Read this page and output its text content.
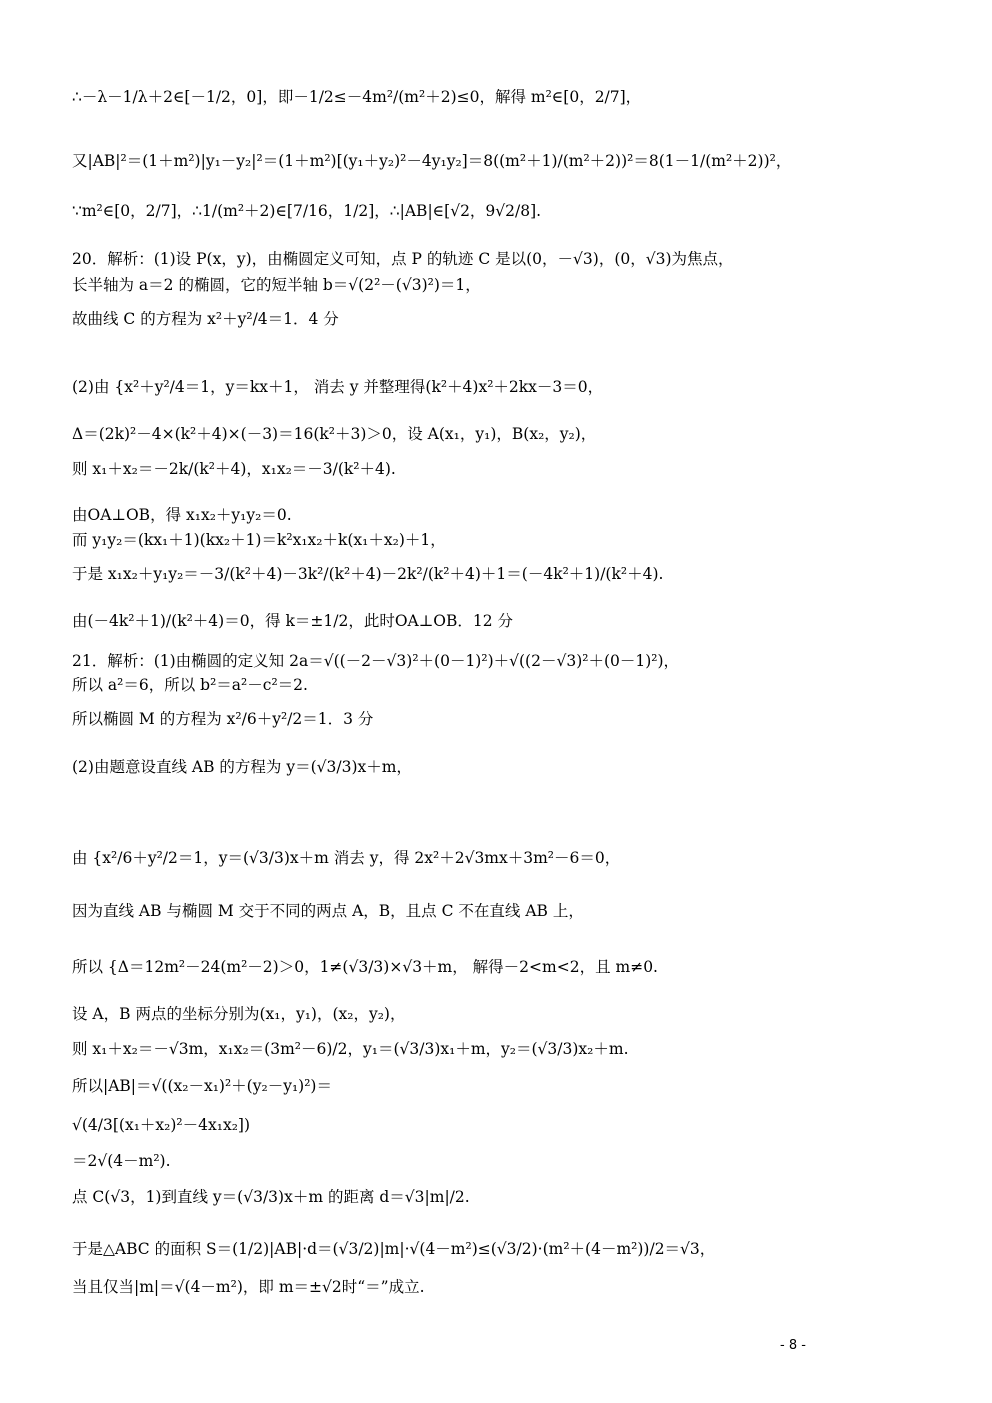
∴－λ－1/λ＋2∈[－1/2，0]，即－1/2≤－4m²/(m²＋2)≤0，解得 m²∈[0，2/7]，
又|AB|²＝(1＋m²)|y₁－y₂|²＝(1＋m²)[(y₁＋y₂)²－4y₁y₂]＝8((m²＋1)/(m²＋2))²＝8(1－1/(m²＋2))²，
∵m²∈[0，2/7]，∴1/(m²＋2)∈[7/16，1/2]，∴|AB|∈[√2，9√2/8].
20．解析：(1)设 P(x，y)，由椭圆定义可知，点 P 的轨迹 C 是以(0，－√3)，(0，√3)为焦点，
长半轴为 a＝2 的椭圆，它的短半轴 b＝√(2²－(√3)²)＝1，
故曲线 C 的方程为 x²＋y²/4＝1．4 分
(2)由 {x²＋y²/4＝1，y＝kx＋1， 消去 y 并整理得(k²＋4)x²＋2kx－3＝0，
Δ＝(2k)²－4×(k²＋4)×(－3)＝16(k²＋3)＞0，设 A(x₁，y₁)，B(x₂，y₂)，
则 x₁＋x₂＝－2k/(k²＋4)，x₁x₂＝－3/(k²＋4).
由OA⊥OB，得 x₁x₂＋y₁y₂＝0.
而 y₁y₂＝(kx₁＋1)(kx₂＋1)＝k²x₁x₂＋k(x₁＋x₂)＋1，
于是 x₁x₂＋y₁y₂＝－3/(k²＋4)－3k²/(k²＋4)－2k²/(k²＋4)＋1＝(－4k²＋1)/(k²＋4).
由(－4k²＋1)/(k²＋4)＝0，得 k＝±1/2，此时OA⊥OB．12 分
21．解析：(1)由椭圆的定义知 2a＝√((－2－√3)²＋(0－1)²)＋√((2－√3)²＋(0－1)²)，
所以 a²＝6，所以 b²＝a²－c²＝2.
所以椭圆 M 的方程为 x²/6＋y²/2＝1．3 分
(2)由题意设直线 AB 的方程为 y＝(√3/3)x＋m，
由 {x²/6＋y²/2＝1，y＝(√3/3)x＋m 消去 y，得 2x²＋2√3mx＋3m²－6＝0，
因为直线 AB 与椭圆 M 交于不同的两点 A，B，且点 C 不在直线 AB 上，
所以 {Δ＝12m²－24(m²－2)＞0，1≠(√3/3)×√3＋m， 解得－2<m<2，且 m≠0.
设 A，B 两点的坐标分别为(x₁，y₁)，(x₂，y₂)，
则 x₁＋x₂＝－√3m，x₁x₂＝(3m²－6)/2，y₁＝(√3/3)x₁＋m，y₂＝(√3/3)x₂＋m.
所以|AB|＝√((x₂－x₁)²＋(y₂－y₁)²)＝
√(4/3[(x₁＋x₂)²－4x₁x₂])
＝2√(4－m²).
点 C(√3，1)到直线 y＝(√3/3)x＋m 的距离 d＝√3|m|/2.
于是△ABC 的面积 S＝(1/2)|AB|·d＝(√3/2)|m|·√(4－m²)≤(√3/2)·(m²＋(4－m²))/2＝√3，
当且仅当|m|＝√(4－m²)，即 m＝±√2时“＝”成立.
- 8 -
